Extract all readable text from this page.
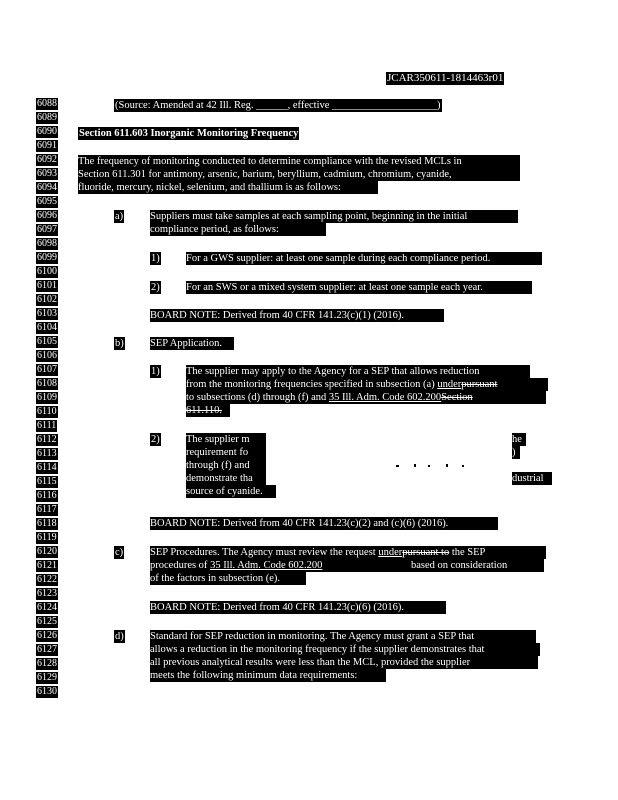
JCAR350611-1814463r01
6088
6089
6090
6091
6092
6093
6094
6095
6096
6097
6098
6099
6100
6101
6102
6103
6104
6105
6106
6107
6108
6109
6110
6111
6112
6113
6114
6115
6116
6117
6118
6119
6120
6121
6122
6123
6124
6125
6126
6127
6128
6129
6130
(Source: Amended at 42 Ill. Reg. ______, effective ____________________)
Section 611.603 Inorganic Monitoring Frequency
The frequency of monitoring conducted to determine compliance with the revised MCLs in
Section 611.301 for antimony, arsenic, barium, beryllium, cadmium, chromium, cyanide,
fluoride, mercury, nickel, selenium, and thallium is as follows:
a)	Suppliers must take samples at each sampling point, beginning in the initial
compliance period, as follows:
1)	For a GWS supplier: at least one sample during each compliance period.
2)	For an SWS or a mixed system supplier: at least one sample each year.
BOARD NOTE: Derived from 40 CFR 141.23(c)(1) (2016).
b)	SEP Application.
1)	The supplier may apply to the Agency for a SEP that allows reduction
from the monitoring frequencies specified in subsection (a) underpursuant
to subsections (d) through (f) and 35 Ill. Adm. Code 602.200Section
611.110.
2)	The supplier m	he
requirement fo	)
through (f) and
demonstrate tha	dustrial
source of cyanide.
BOARD NOTE: Derived from 40 CFR 141.23(c)(2) and (c)(6) (2016).
c)	SEP Procedures. The Agency must review the request underpursuant to the SEP
procedures of 35 Ill. Adm. Code 602.200	based on consideration
of the factors in subsection (e).
BOARD NOTE: Derived from 40 CFR 141.23(c)(6) (2016).
d)	Standard for SEP reduction in monitoring. The Agency must grant a SEP that
allows a reduction in the monitoring frequency if the supplier demonstrates that
all previous analytical results were less than the MCL, provided the supplier
meets the following minimum data requirements:
